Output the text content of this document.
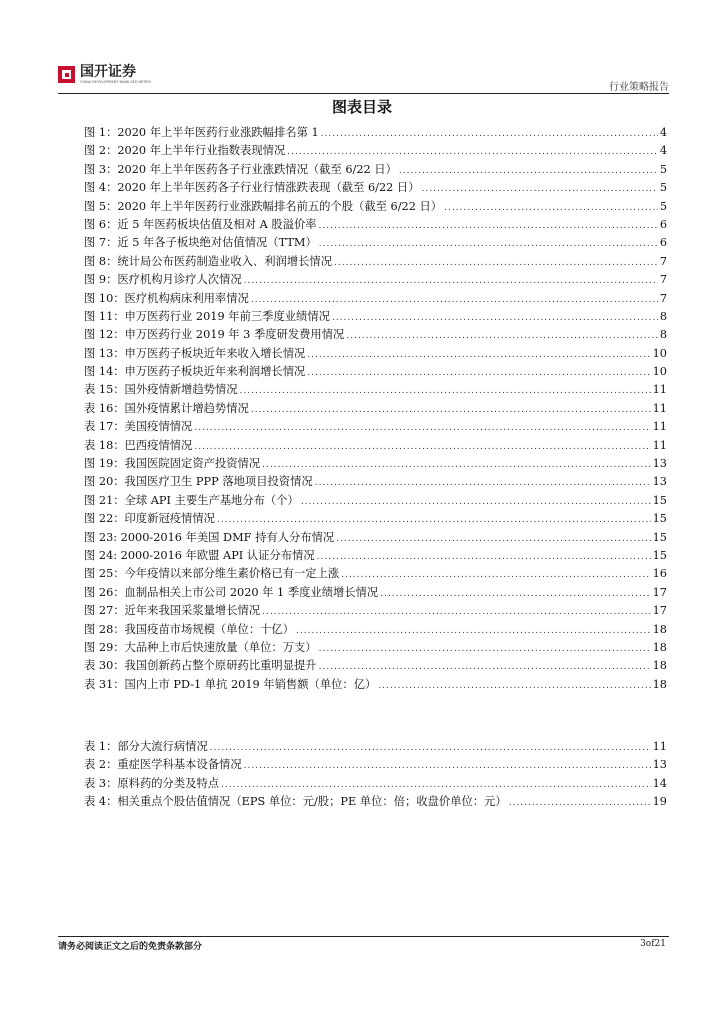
国开证券
CHINA DEVELOPMENT BANK SECURITIES	行业策略报告
图表目录
图 1：2020 年上半年医药行业涨跌幅排名第 1 .....	4
图 2：2020 年上半年行业指数表现情况 .....	4
图 3：2020 年上半年医药各子行业涨跌情况（截至 6/22 日） .....	5
图 4：2020 年上半年医药各子行业行情涨跌表现（截至 6/22 日） .....	5
图 5：2020 年上半年医药行业涨跌幅排名前五的个股（截至 6/22 日） .....	5
图 6：近 5 年医药板块估值及相对 A 股溢价率 .....	6
图 7：近 5 年各子板块绝对估值情况（TTM） .....	6
图 8：统计局公布医药制造业收入、利润增长情况 .....	7
图 9：医疗机构月诊疗人次情况 .....	7
图 10：医疗机构病床利用率情况 .....	7
图 11：申万医药行业 2019 年前三季度业绩情况 .....	8
图 12：申万医药行业 2019 年 3 季度研发费用情况 .....	8
图 13：申万医药子板块近年来收入增长情况 .....	10
图 14：申万医药子板块近年来利润增长情况 .....	10
表 15：国外疫情新增趋势情况 .....	11
表 16：国外疫情累计增趋势情况 .....	11
表 17：美国疫情情况 .....	11
表 18：巴西疫情情况 .....	11
图 19：我国医院固定资产投资情况 .....	13
图 20：我国医疗卫生 PPP 落地项目投资情况 .....	13
图 21：全球 API 主要生产基地分布（个） .....	15
图 22：印度新冠疫情情况 .....	15
图 23: 2000-2016 年美国 DMF 持有人分布情况 .....	15
图 24: 2000-2016 年欧盟 API 认证分布情况 .....	15
图 25：今年疫情以来部分维生素价格已有一定上涨 .....	16
图 26：血制品相关上市公司 2020 年 1 季度业绩增长情况 .....	17
图 27：近年来我国采浆量增长情况 .....	17
图 28：我国疫苗市场规模（单位：十亿） .....	18
图 29：大品种上市后快速放量（单位：万支） .....	18
表 30：我国创新药占整个原研药比重明显提升 .....	18
表 31：国内上市 PD-1 单抗 2019 年销售额（单位：亿） .....	18
表 1：部分大流行病情况 .....	11
表 2：重症医学科基本设备情况 .....	13
表 3：原料药的分类及特点 .....	14
表 4：相关重点个股估值情况（EPS 单位：元/股；PE 单位：倍；收盘价单位：元） .....	19
请务必阅读正文之后的免责条款部分	3of21
